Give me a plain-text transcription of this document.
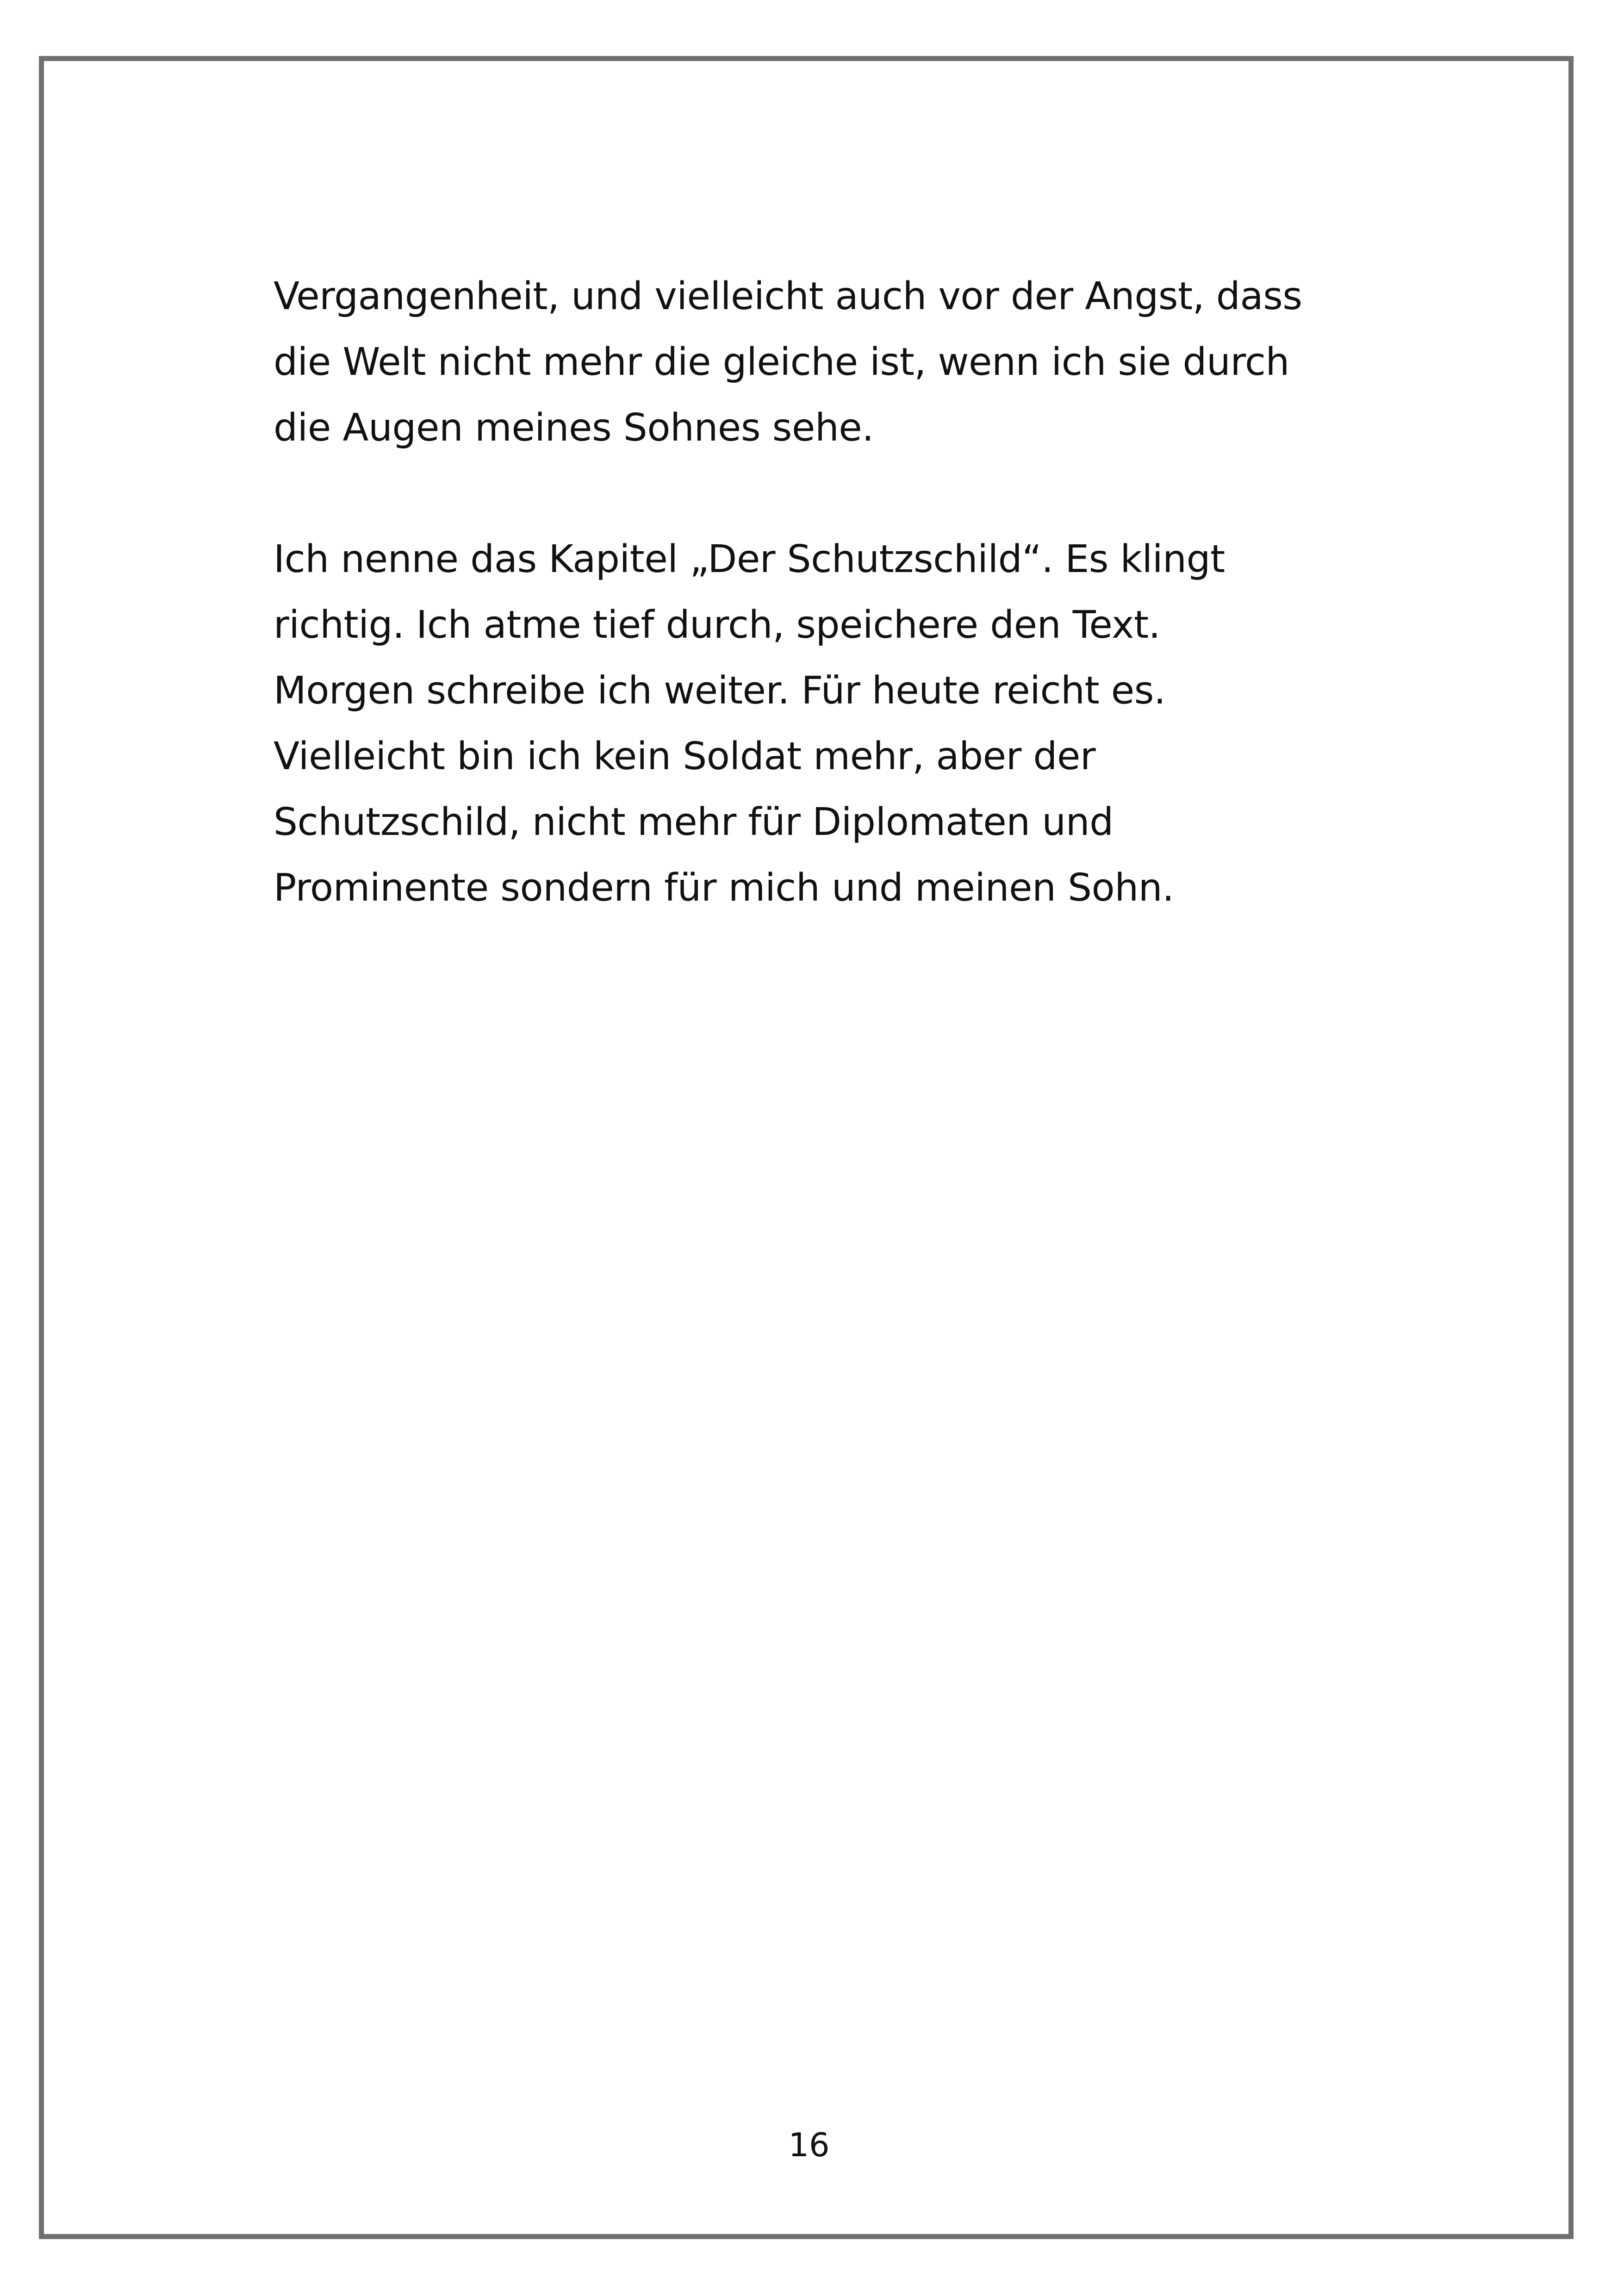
Vergangenheit, und vielleicht auch vor der Angst, dass
die Welt nicht mehr die gleiche ist, wenn ich sie durch
die Augen meines Sohnes sehe.
Ich nenne das Kapitel „Der Schutzschild“. Es klingt
richtig. Ich atme tief durch, speichere den Text.
Morgen schreibe ich weiter. Für heute reicht es.
Vielleicht bin ich kein Soldat mehr, aber der
Schutzschild, nicht mehr für Diplomaten und
Prominente sondern für mich und meinen Sohn.
16
